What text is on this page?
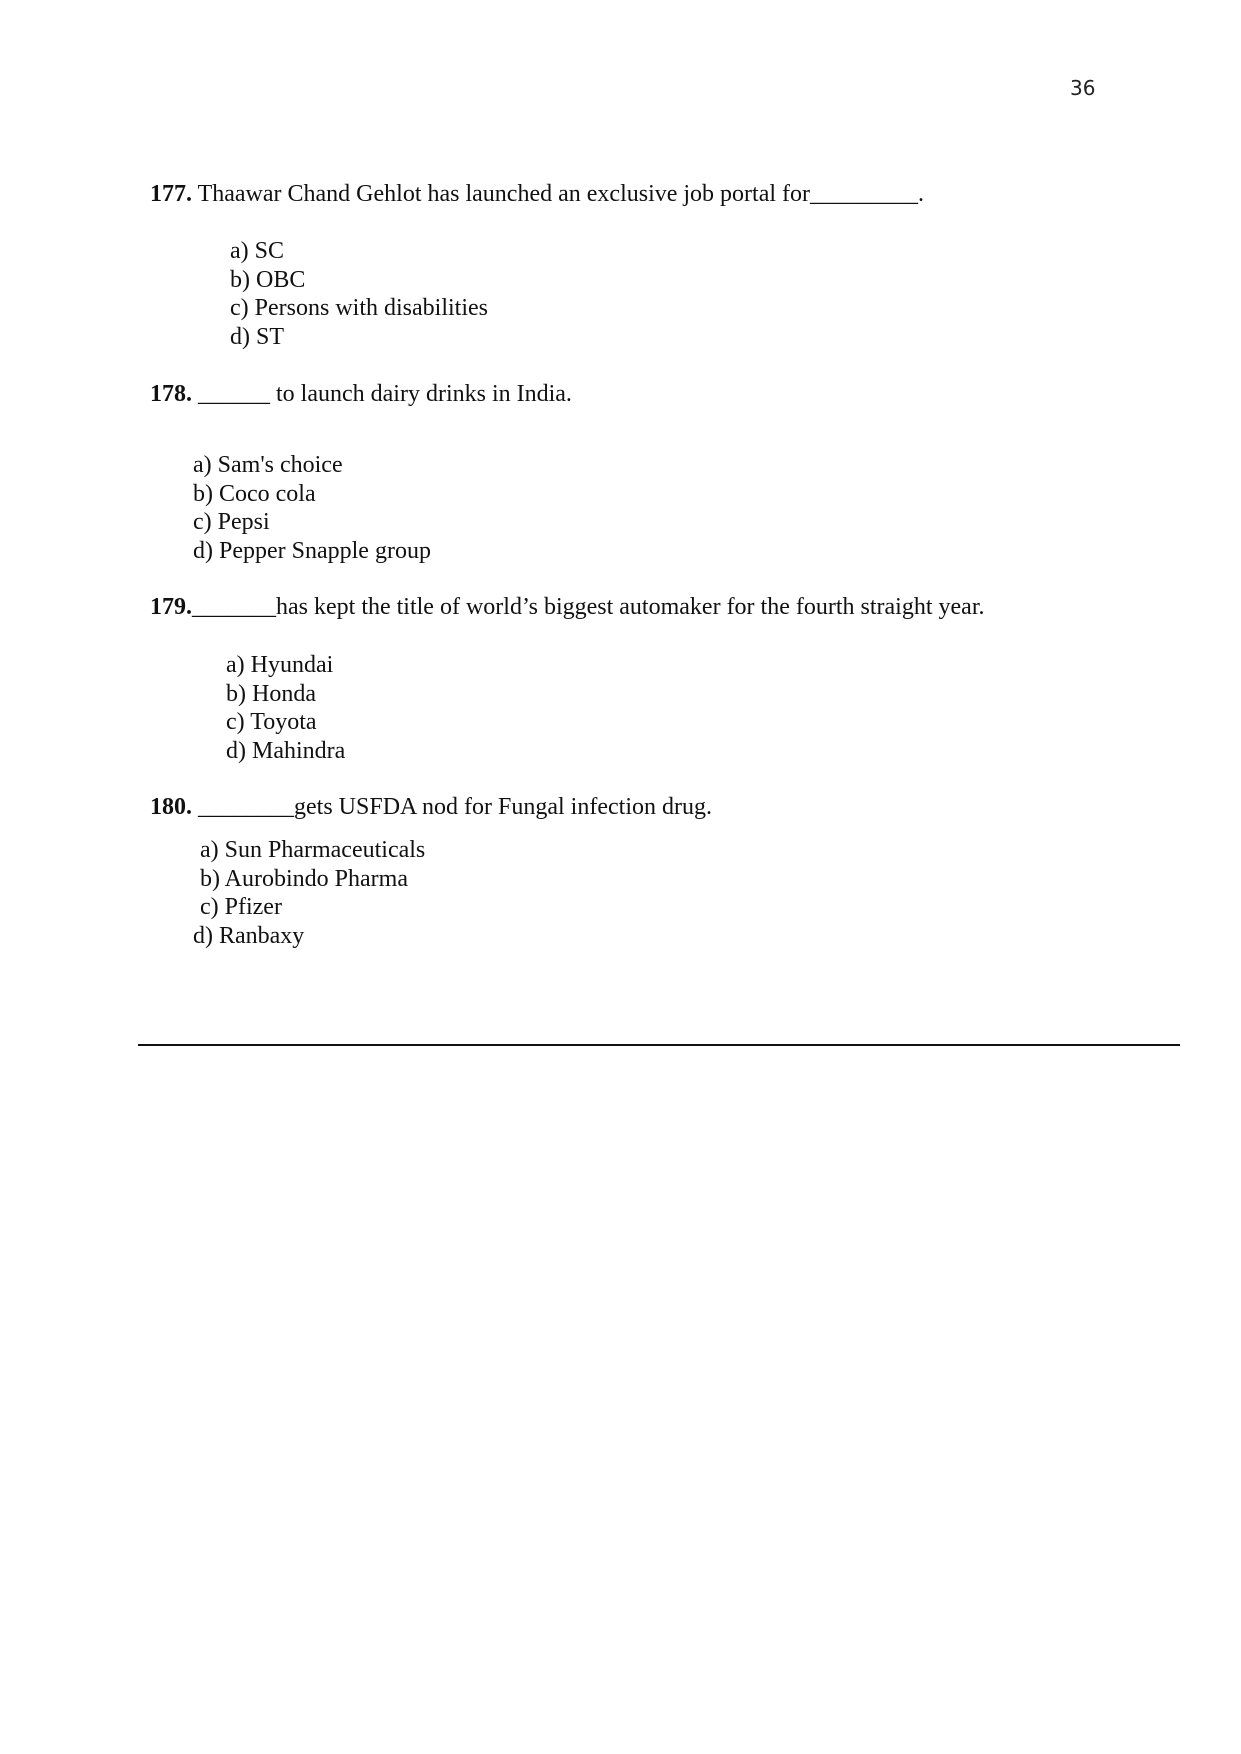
36
177. Thaawar Chand Gehlot has launched an exclusive job portal for_________.
a) SC
b) OBC
c) Persons with disabilities
d) ST
178. ______ to launch dairy drinks in India.
a) Sam's choice
b) Coco cola
c) Pepsi
d) Pepper Snapple group
179._______has kept the title of world’s biggest automaker for the fourth straight year.
a) Hyundai
b) Honda
c) Toyota
d) Mahindra
180. ________gets USFDA nod for Fungal infection drug.
a) Sun Pharmaceuticals
b) Aurobindo Pharma
c) Pfizer
d) Ranbaxy
